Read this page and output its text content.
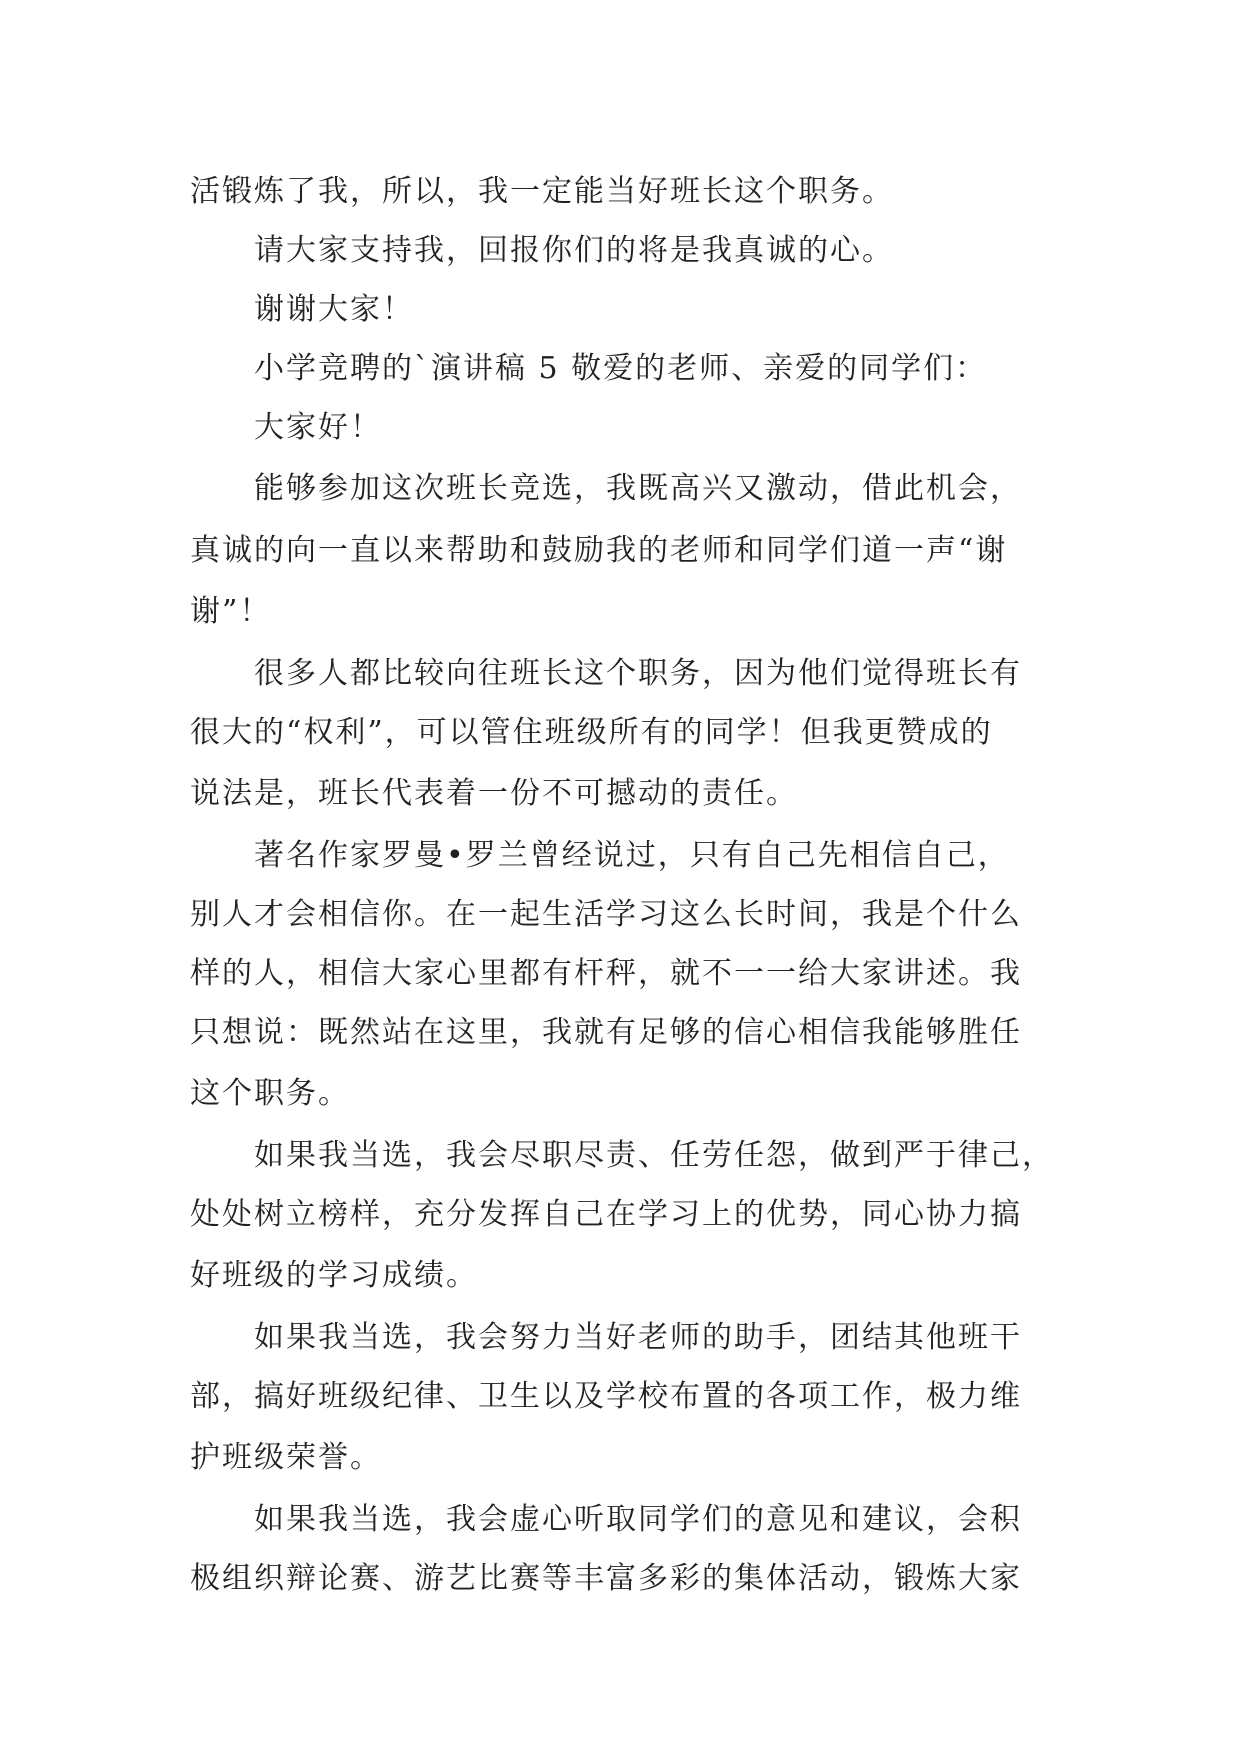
活锻炼了我，所以，我一定能当好班长这个职务。
请大家支持我，回报你们的将是我真诚的心。
谢谢大家！
小学竞聘的`演讲稿 5 敬爱的老师、亲爱的同学们：
大家好！
能够参加这次班长竞选，我既高兴又激动，借此机会，
真诚的向一直以来帮助和鼓励我的老师和同学们道一声“谢
谢”！
很多人都比较向往班长这个职务，因为他们觉得班长有
很大的“权利”，可以管住班级所有的同学！但我更赞成的
说法是，班长代表着一份不可撼动的责任。
著名作家罗曼•罗兰曾经说过，只有自己先相信自己，
别人才会相信你。在一起生活学习这么长时间，我是个什么
样的人，相信大家心里都有杆秤，就不一一给大家讲述。我
只想说：既然站在这里，我就有足够的信心相信我能够胜任
这个职务。
如果我当选，我会尽职尽责、任劳任怨，做到严于律己，
处处树立榜样，充分发挥自己在学习上的优势，同心协力搞
好班级的学习成绩。
如果我当选，我会努力当好老师的助手，团结其他班干
部，搞好班级纪律、卫生以及学校布置的各项工作，极力维
护班级荣誉。
如果我当选，我会虚心听取同学们的意见和建议，会积
极组织辩论赛、游艺比赛等丰富多彩的集体活动，锻炼大家
